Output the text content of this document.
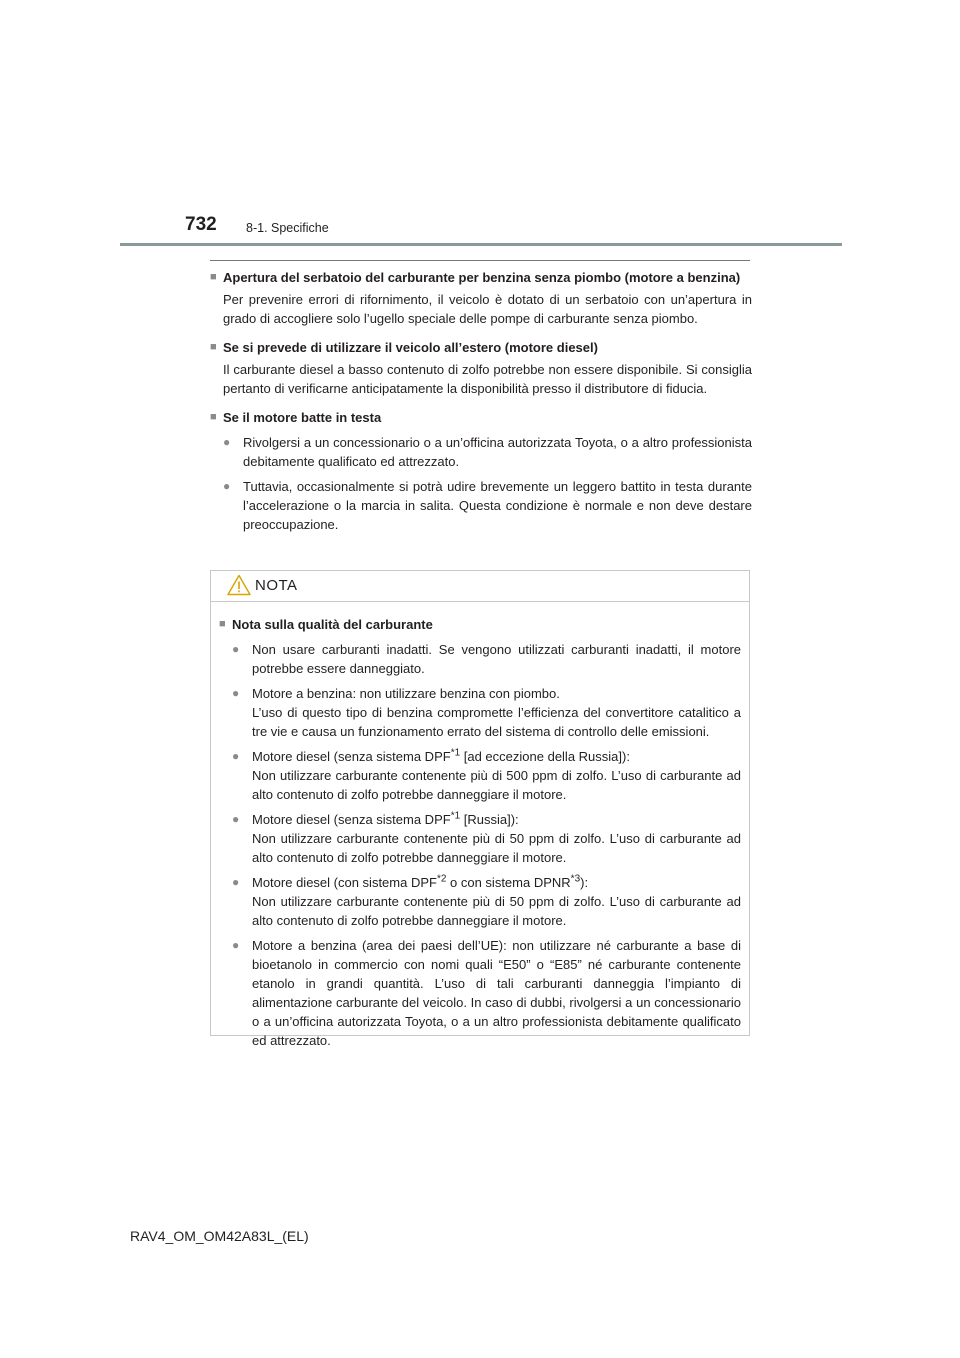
732 8-1. Specifiche
■ Apertura del serbatoio del carburante per benzina senza piombo (motore a benzina)
Per prevenire errori di rifornimento, il veicolo è dotato di un serbatoio con un’apertura in grado di accogliere solo l’ugello speciale delle pompe di carburante senza piombo.
■ Se si prevede di utilizzare il veicolo all’estero (motore diesel)
Il carburante diesel a basso contenuto di zolfo potrebbe non essere disponibile. Si consiglia pertanto di verificarne anticipatamente la disponibilità presso il distributore di fiducia.
■ Se il motore batte in testa
● Rivolgersi a un concessionario o a un’officina autorizzata Toyota, o a altro professionista debitamente qualificato ed attrezzato.
● Tuttavia, occasionalmente si potrà udire brevemente un leggero battito in testa durante l’accelerazione o la marcia in salita. Questa condizione è normale e non deve destare preoccupazione.
NOTA
■ Nota sulla qualità del carburante
● Non usare carburanti inadatti. Se vengono utilizzati carburanti inadatti, il motore potrebbe essere danneggiato.
● Motore a benzina: non utilizzare benzina con piombo.
L’uso di questo tipo di benzina compromette l’efficienza del convertitore catalitico a tre vie e causa un funzionamento errato del sistema di controllo delle emissioni.
● Motore diesel (senza sistema DPF$^{*1}$ [ad eccezione della Russia]):
Non utilizzare carburante contenente più di 500 ppm di zolfo. L’uso di carburante ad alto contenuto di zolfo potrebbe danneggiare il motore.
● Motore diesel (senza sistema DPF$^{*1}$ [Russia]):
Non utilizzare carburante contenente più di 50 ppm di zolfo. L’uso di carburante ad alto contenuto di zolfo potrebbe danneggiare il motore.
● Motore diesel (con sistema DPF$^{*2}$ o con sistema DPNR$^{*3}$):
Non utilizzare carburante contenente più di 50 ppm di zolfo. L’uso di carburante ad alto contenuto di zolfo potrebbe danneggiare il motore.
● Motore a benzina (area dei paesi dell’UE): non utilizzare né carburante a base di bioetanolo in commercio con nomi quali “E50” o “E85” né carburante contenente etanolo in grandi quantità. L’uso di tali carburanti danneggia l’impianto di alimentazione carburante del veicolo. In caso di dubbi, rivolgersi a un concessionario o a un’officina autorizzata Toyota, o a un altro professionista debitamente qualificato ed attrezzato.
RAV4_OM_OM42A83L_(EL)
